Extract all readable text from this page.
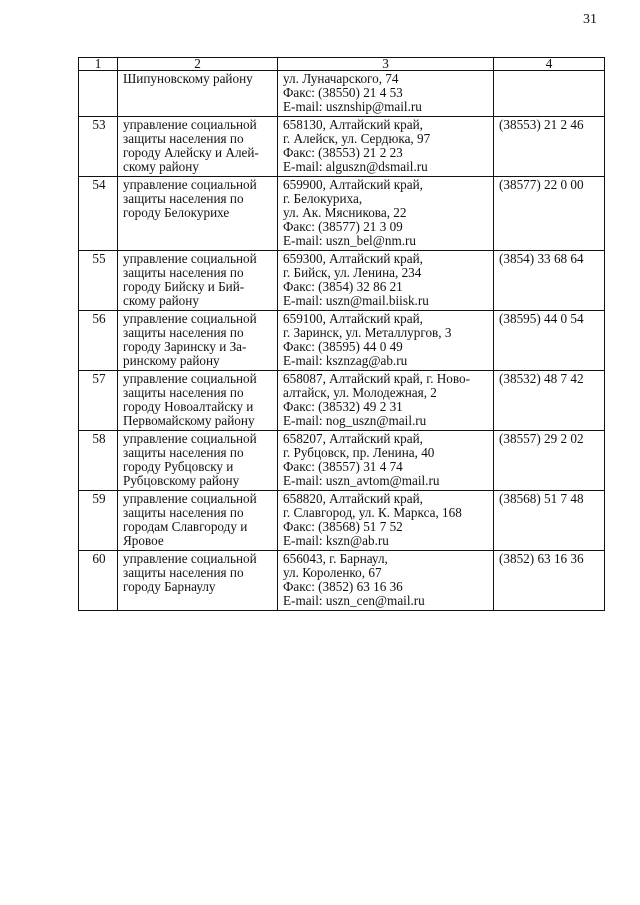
31
1	2	3	4

	Шипуновскому району	ул. Луначарского, 74
Факс: (38550) 21 4 53
E-mail: usznship@mail.ru	

53	управление социальной
защиты населения по
городу Алейску и Алей-
скому району	658130, Алтайский край,
г. Алейск, ул. Сердюка, 97
Факс: (38553) 21 2 23
E-mail: alguszn@dsmail.ru	(38553) 21 2 46
54	управление социальной
защиты населения по
городу Белокурихе	659900, Алтайский край,
г. Белокуриха,
ул. Ак. Мясникова, 22
Факс: (38577) 21 3 09
E-mail: uszn_bel@nm.ru	(38577) 22 0 00
55	управление социальной
защиты населения по
городу Бийску и Бий-
скому району	659300, Алтайский край,
г. Бийск, ул. Ленина, 234
Факс: (3854) 32 86 21
E-mail: uszn@mail.biisk.ru	(3854) 33 68 64
56	управление социальной
защиты населения по
городу Заринску и За-
ринскому району	659100, Алтайский край,
г. Заринск, ул. Металлургов, 3
Факс: (38595) 44 0 49
E-mail: ksznzag@ab.ru	(38595) 44 0 54
57	управление социальной
защиты населения по
городу Новоалтайску и
Первомайскому району	658087, Алтайский край, г. Ново-
алтайск, ул. Молодежная, 2
Факс: (38532) 49 2 31
E-mail: nog_uszn@mail.ru	(38532) 48 7 42
58	управление социальной
защиты населения по
городу Рубцовску и
Рубцовскому району	658207, Алтайский край,
г. Рубцовск, пр. Ленина, 40
Факс: (38557) 31 4 74
E-mail: uszn_avtom@mail.ru	(38557) 29 2 02
59	управление социальной
защиты населения по
городам Славгороду и
Яровое	658820, Алтайский край,
г. Славгород, ул. К. Маркса, 168
Факс: (38568) 51 7 52
E-mail: kszn@ab.ru	(38568) 51 7 48
60	управление социальной
защиты населения по
городу Барнаулу	656043, г. Барнаул,
ул. Короленко, 67
Факс: (3852) 63 16 36
E-mail: uszn_cen@mail.ru	(3852) 63 16 36
